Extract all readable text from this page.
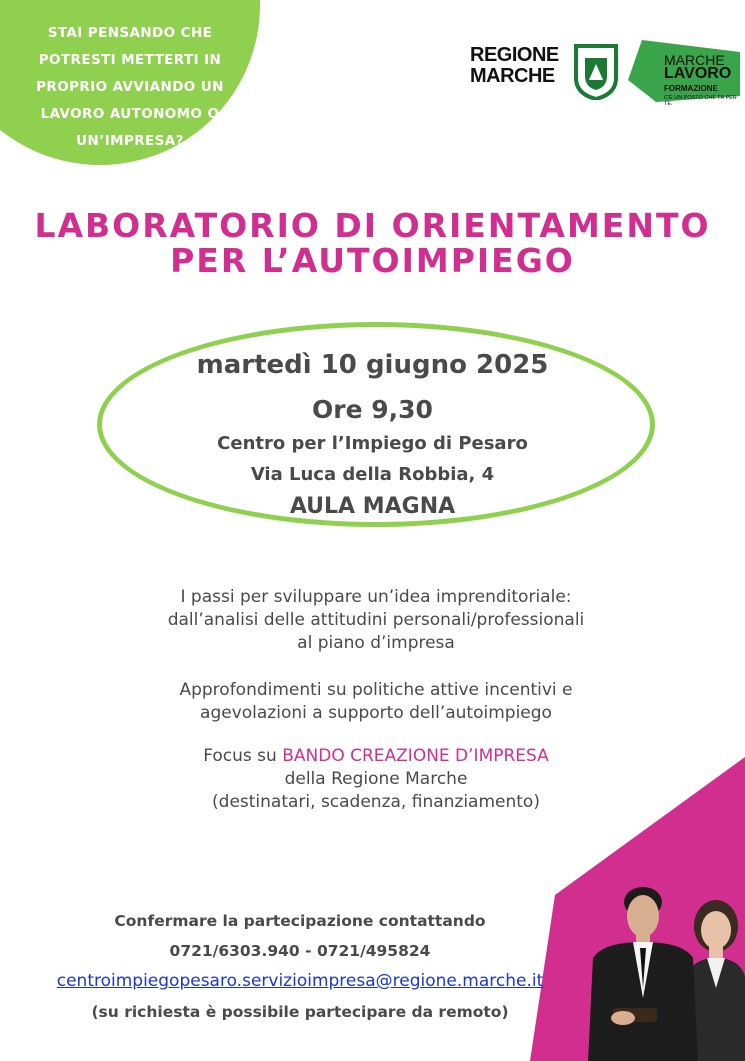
STAI PENSANDO CHE
POTRESTI METTERTI IN
PROPRIO AVVIANDO UN
LAVORO AUTONOMO O
UN’IMPRESA?
REGIONE
MARCHE
MARCHE
LAVORO
FORMAZIONE
C'È UN POSTO CHE FA PER TE.
LABORATORIO DI ORIENTAMENTO
PER L’AUTOIMPIEGO
martedì 10 giugno 2025
Ore 9,30
Centro per l’Impiego di Pesaro
Via Luca della Robbia, 4
AULA MAGNA
I passi per sviluppare un’idea imprenditoriale:
dall’analisi delle attitudini personali/professionali
al piano d’impresa
Approfondimenti su politiche attive incentivi e
agevolazioni a supporto dell’autoimpiego
Focus su BANDO CREAZIONE D’IMPRESA
della Regione Marche
(destinatari, scadenza, finanziamento)
Confermare la partecipazione contattando
0721/6303.940 - 0721/495824
centroimpiegopesaro.servizioimpresa@regione.marche.it
(su richiesta è possibile partecipare da remoto)
